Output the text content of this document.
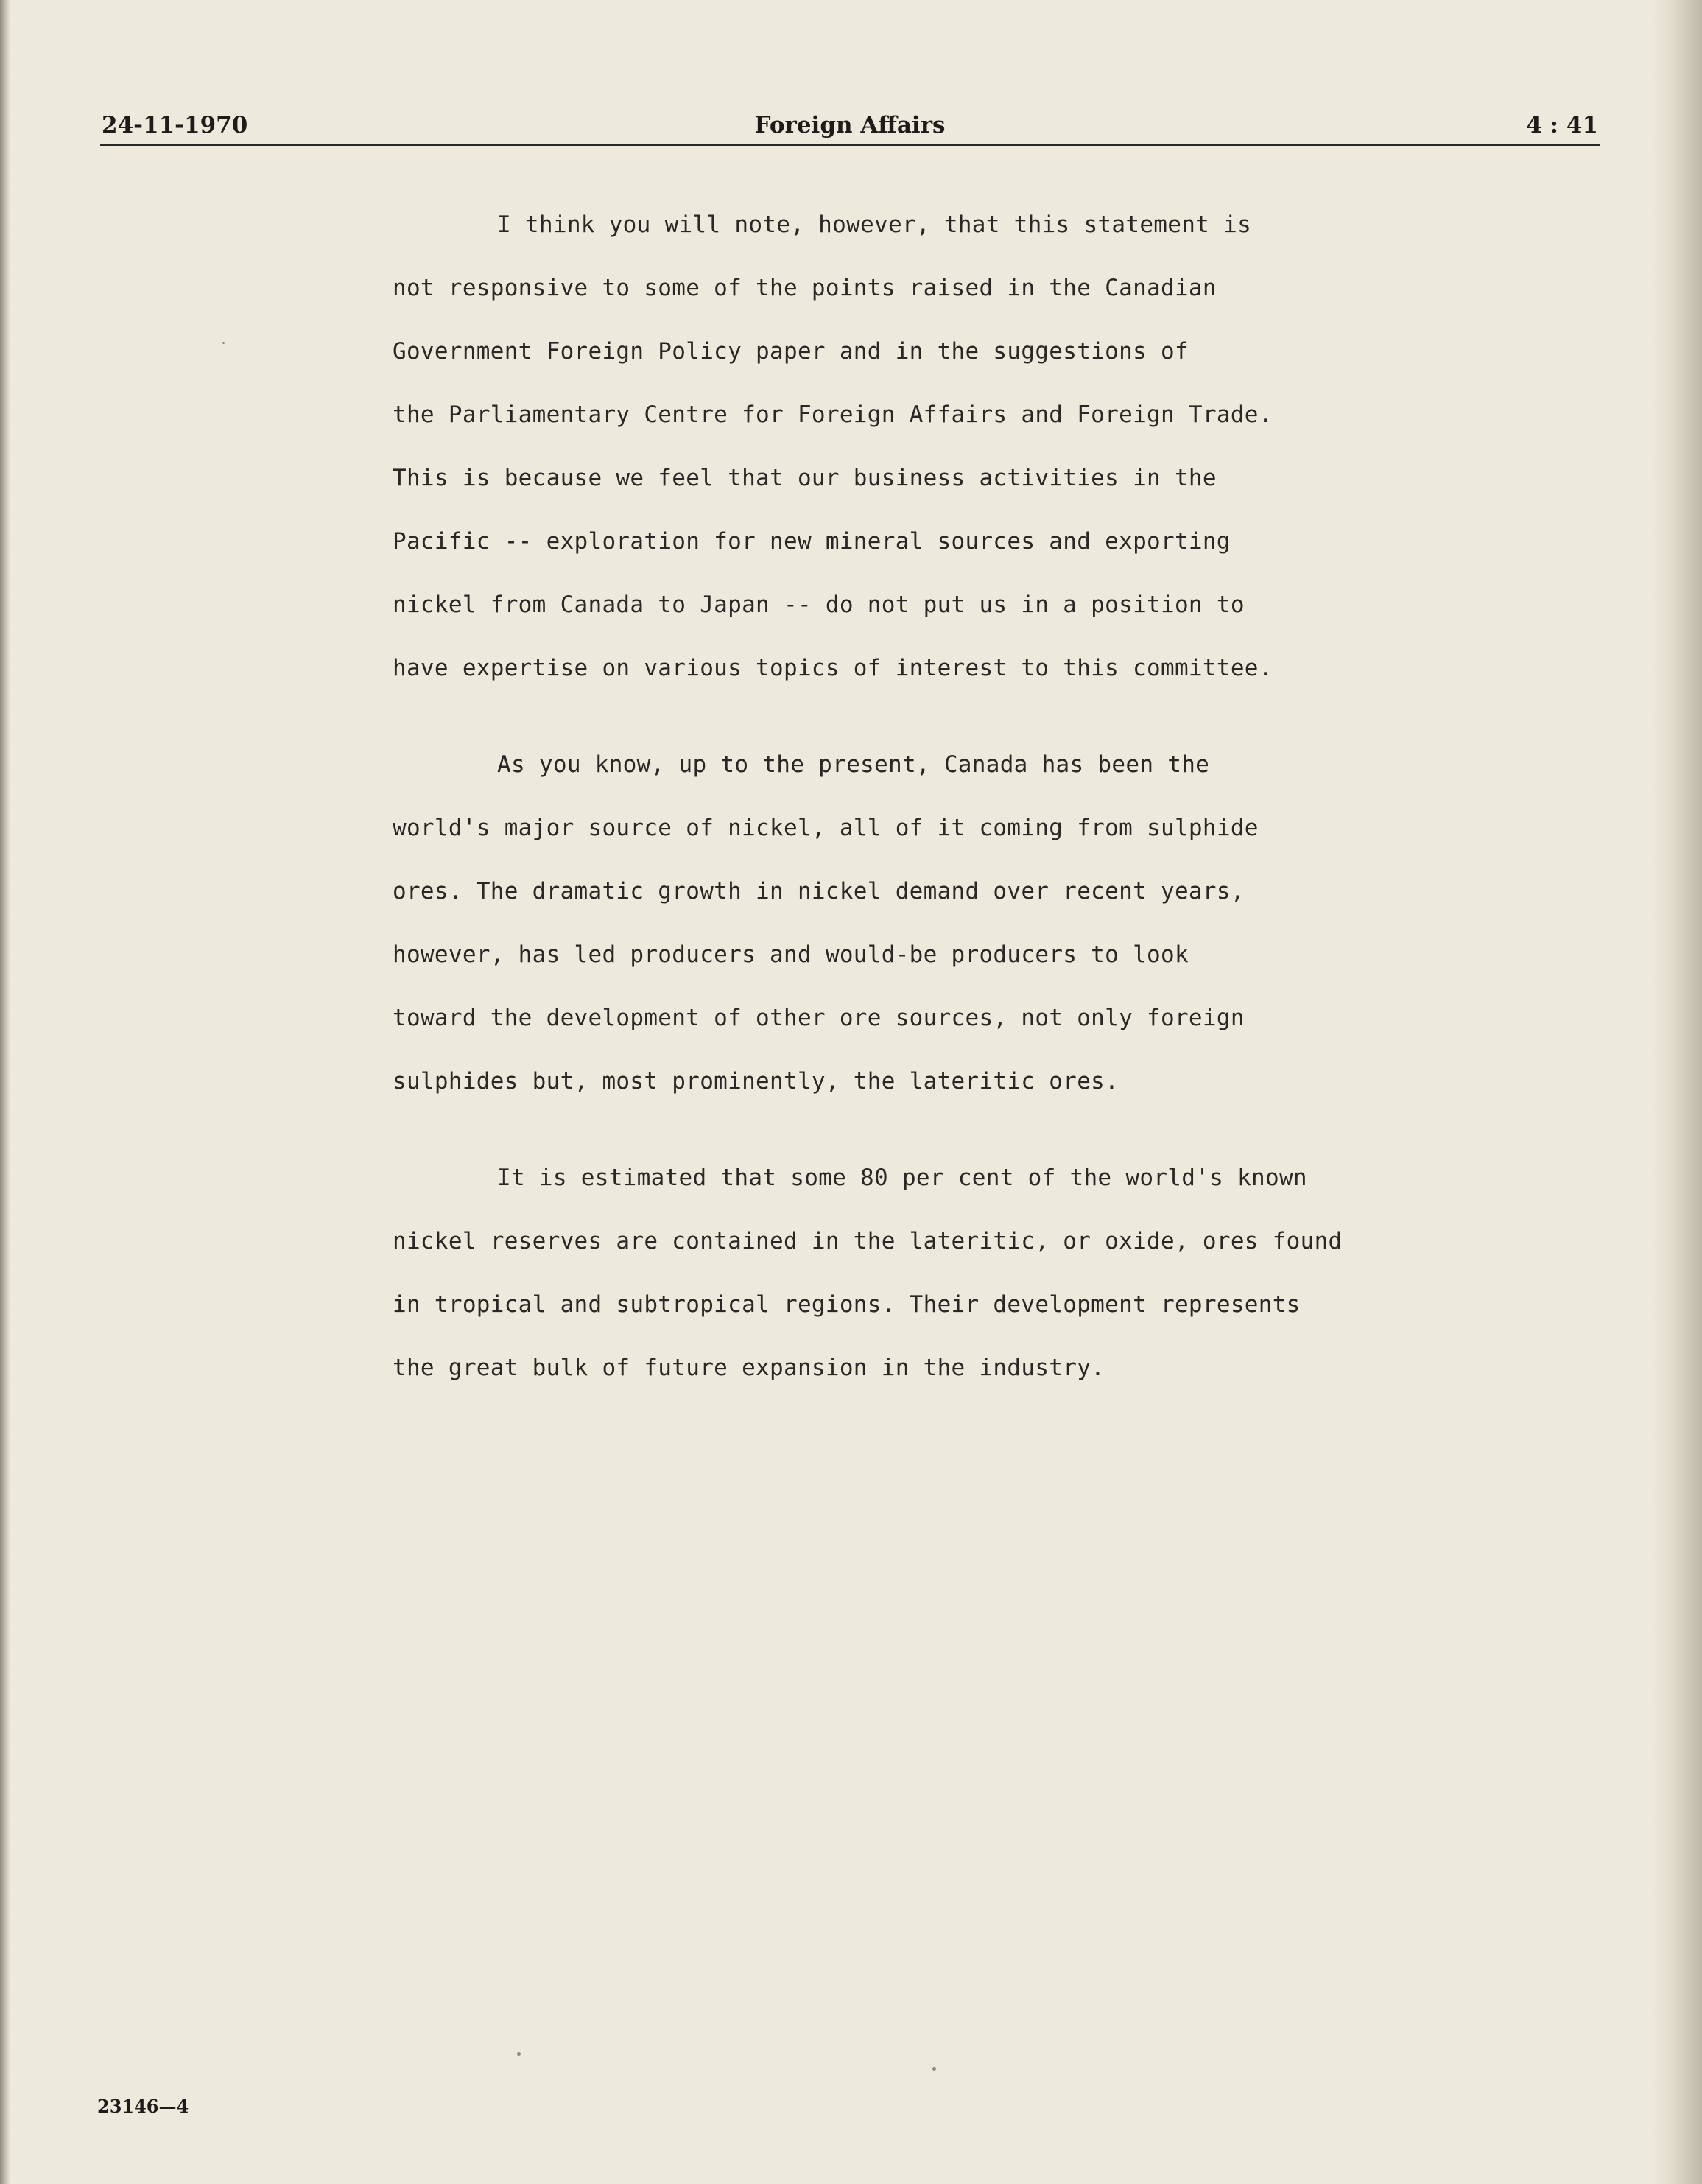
24-11-1970	Foreign Affairs	4 : 41
I think you will note, however, that this statement is
not responsive to some of the points raised in the Canadian
Government Foreign Policy paper and in the suggestions of
the Parliamentary Centre for Foreign Affairs and Foreign Trade.
This is because we feel that our business activities in the
Pacific -- exploration for new mineral sources and exporting
nickel from Canada to Japan -- do not put us in a position to
have expertise on various topics of interest to this committee.
As you know, up to the present, Canada has been the
world's major source of nickel, all of it coming from sulphide
ores. The dramatic growth in nickel demand over recent years,
however, has led producers and would-be producers to look
toward the development of other ore sources, not only foreign
sulphides but, most prominently, the lateritic ores.
It is estimated that some 80 per cent of the world's known
nickel reserves are contained in the lateritic, or oxide, ores found
in tropical and subtropical regions. Their development represents
the great bulk of future expansion in the industry.
23146—4
